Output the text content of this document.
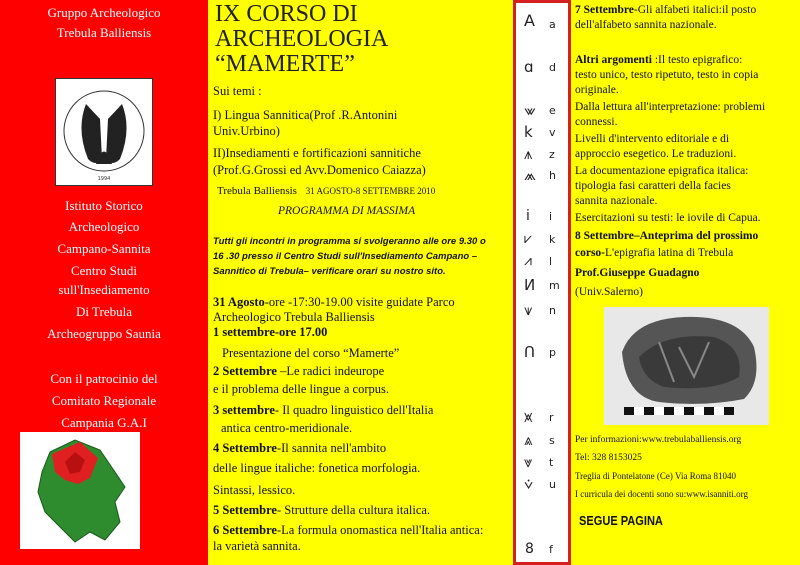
Gruppo Archeologico
Trebula Balliensis
1994
Istituto Storico
Archeologico
Campano-Sannita
Centro Studi
sull'Insediamento
Di Trebula
Archeogruppo Saunia
Con il patrocinio del
Comitato Regionale
Campania G.A.I
IX CORSO DI
ARCHEOLOGIA
“MAMERTE”
Sui temi :
I) Lingua Sannitica(Prof .R.Antonini
Univ.Urbino)
II)Insediamenti e fortificazioni sannitiche
(Prof.G.Grossi ed Avv.Domenico Caiazza)
Trebula Balliensis 31 AGOSTO-8 SETTEMBRE 2010
PROGRAMMA DI MASSIMA
Tutti gli incontri in programma si svolgeranno alle ore 9.30 o
16 .30 presso il Centro Studi sull'Insediamento Campano –
Sannitico di Trebula– verificare orari su nostro sito.
31 Agosto-ore -17:30-19.00 visite guidate Parco
Archeologico Trebula Balliensis
1 settembre-ore 17.00
Presentazione del corso “Mamerte”
2 Settembre –Le radici indeurope
e il problema delle lingue a corpus.
3 settembre- Il quadro linguistico dell'Italia
antica centro-meridionale.
4 Settembre-Il sannita nell'ambito
delle lingue italiche: fonetica morfologia.
Sintassi, lessico.
5 Settembre- Strutture della cultura italica.
6 Settembre-La formula onomastica nell'Italia antica:
la varietà sannita.
А a
ɑ d
⩖ e
k v
⩚ z
⩕ h
i i
⩗ k
⩘ l
И m
⩛ n
Ո p
⩙ r
⩓ s
⩔ t
⩒ u
8 f
7 Settembre-Gli alfabeti italici:il posto
dell'alfabeto sannita nazionale.
Altri argomenti :Il testo epigrafico:
testo unico, testo ripetuto, testo in copia
originale.
Dalla lettura all'interpretazione: problemi
connessi.
Livelli d'intervento editoriale e di
approccio esegetico. Le traduzioni.
La documentazione epigrafica italica:
tipologia fasi caratteri della facies
sannita nazionale.
Esercitazioni su testi: le iovile di Capua.
8 Settembre–Anteprima del prossimo
corso-L'epigrafia latina di Trebula
Prof.Giuseppe Guadagno
(Univ.Salerno)
Per informazioni:www.trebulaballiensis.org
Tel: 328 8153025
Treglia di Pontelatone (Ce) Via Roma 81040
I curricula dei docenti sono su:www.isanniti.org
SEGUE PAGINA
